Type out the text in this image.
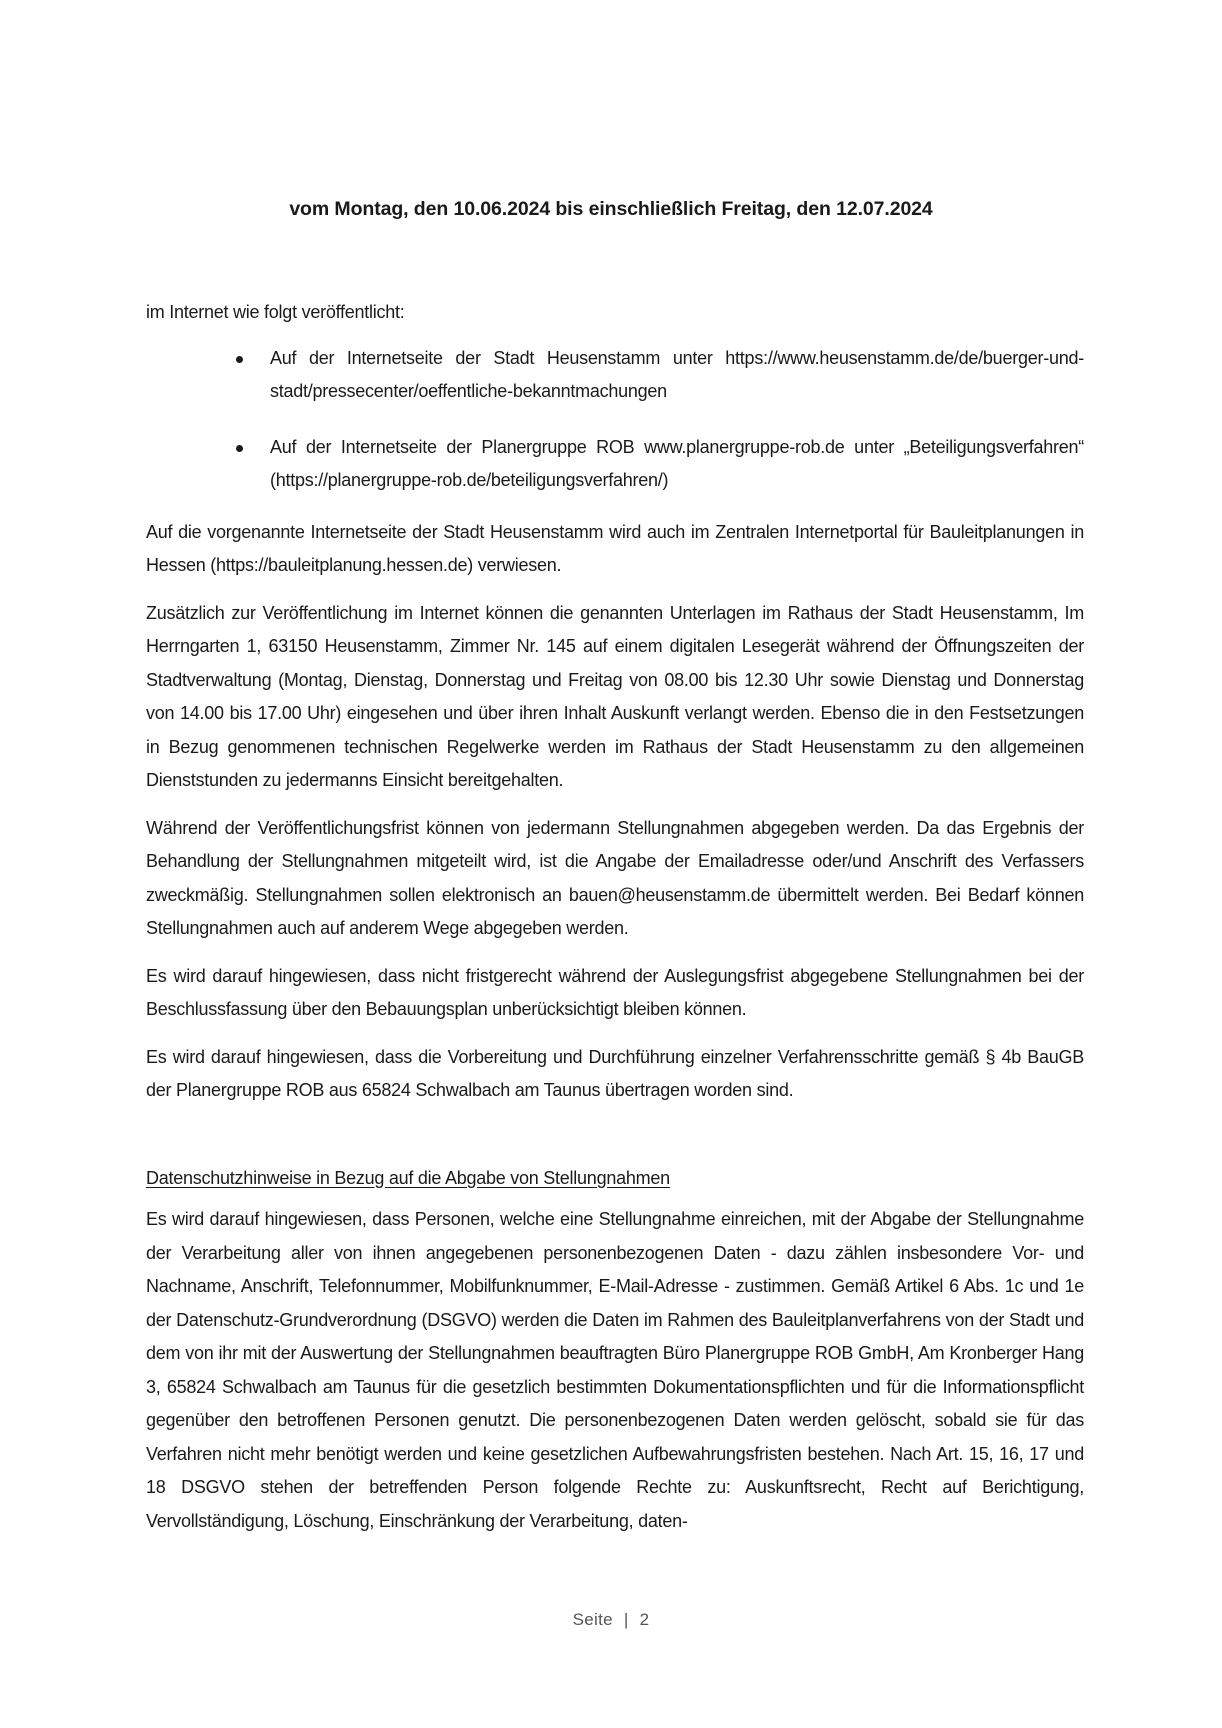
vom Montag, den 10.06.2024 bis einschließlich Freitag, den 12.07.2024

im Internet wie folgt veröffentlicht:

Auf der Internetseite der Stadt Heusenstamm unter https://www.heusenstamm.de/de/buerger-und-stadt/pressecenter/oeffentliche-bekanntmachungen
Auf der Internetseite der Planergruppe ROB www.planergruppe-rob.de unter „Beteiligungsverfahren“ (https://planergruppe-rob.de/beteiligungsverfahren/)

Auf die vorgenannte Internetseite der Stadt Heusenstamm wird auch im Zentralen Internetportal für Bauleitplanungen in Hessen (https://bauleitplanung.hessen.de) verwiesen.

Zusätzlich zur Veröffentlichung im Internet können die genannten Unterlagen im Rathaus der Stadt Heusenstamm, Im Herrngarten 1, 63150 Heusenstamm, Zimmer Nr. 145 auf einem digitalen Lesegerät während der Öffnungszeiten der Stadtverwaltung (Montag, Dienstag, Donnerstag und Freitag von 08.00 bis 12.30 Uhr sowie Dienstag und Donnerstag von 14.00 bis 17.00 Uhr) eingesehen und über ihren Inhalt Auskunft verlangt werden. Ebenso die in den Festsetzungen in Bezug genommenen technischen Regelwerke werden im Rathaus der Stadt Heusenstamm zu den allgemeinen Dienststunden zu jedermanns Einsicht bereitgehalten.

Während der Veröffentlichungsfrist können von jedermann Stellungnahmen abgegeben werden. Da das Ergebnis der Behandlung der Stellungnahmen mitgeteilt wird, ist die Angabe der Emailadresse oder/und Anschrift des Verfassers zweckmäßig. Stellungnahmen sollen elektronisch an bauen@heusenstamm.de übermittelt werden. Bei Bedarf können Stellungnahmen auch auf anderem Wege abgegeben werden.

Es wird darauf hingewiesen, dass nicht fristgerecht während der Auslegungsfrist abgegebene Stellungnahmen bei der Beschlussfassung über den Bebauungsplan unberücksichtigt bleiben können.

Es wird darauf hingewiesen, dass die Vorbereitung und Durchführung einzelner Verfahrensschritte gemäß § 4b BauGB der Planergruppe ROB aus 65824 Schwalbach am Taunus übertragen worden sind.

Datenschutzhinweise in Bezug auf die Abgabe von Stellungnahmen

Es wird darauf hingewiesen, dass Personen, welche eine Stellungnahme einreichen, mit der Abgabe der Stellungnahme der Verarbeitung aller von ihnen angegebenen personenbezogenen Daten - dazu zählen insbesondere Vor- und Nachname, Anschrift, Telefonnummer, Mobilfunknummer, E-Mail-Adresse - zustimmen. Gemäß Artikel 6 Abs. 1c und 1e der Datenschutz-Grundverordnung (DSGVO) werden die Daten im Rahmen des Bauleitplanverfahrens von der Stadt und dem von ihr mit der Auswertung der Stellungnahmen beauftragten Büro Planergruppe ROB GmbH, Am Kronberger Hang 3, 65824 Schwalbach am Taunus für die gesetzlich bestimmten Dokumentationspflichten und für die Informationspflicht gegenüber den betroffenen Personen genutzt. Die personenbezogenen Daten werden gelöscht, sobald sie für das Verfahren nicht mehr benötigt werden und keine gesetzlichen Aufbewahrungsfristen bestehen. Nach Art. 15, 16, 17 und 18 DSGVO stehen der betreffenden Person folgende Rechte zu: Auskunftsrecht, Recht auf Berichtigung, Vervollständigung, Löschung, Einschränkung der Verarbeitung, daten-

Seite | 2
